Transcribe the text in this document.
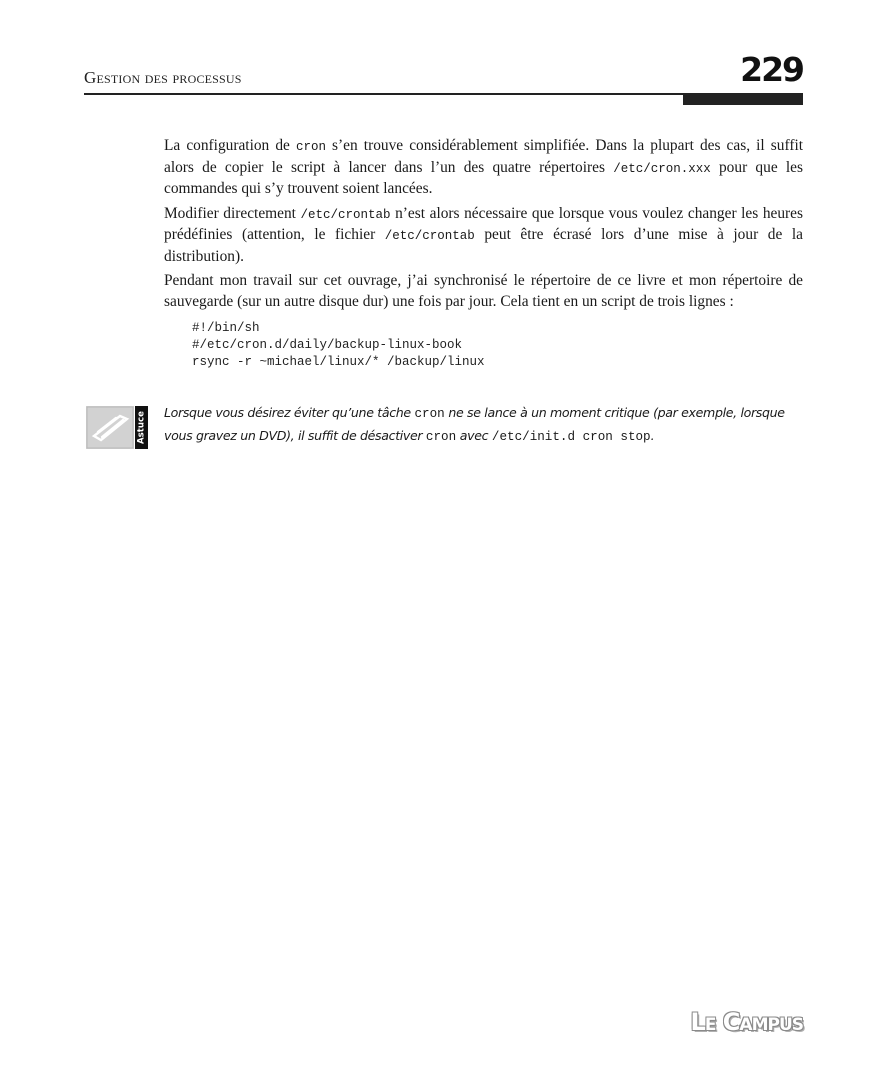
Gestion des processus	229

La configuration de cron s’en trouve considérablement simplifiée. Dans la plupart des cas, il suffit alors de copier le script à lancer dans l’un des quatre répertoires /etc/cron.xxx pour que les commandes qui s’y trouvent soient lancées.

Modifier directement /etc/crontab n’est alors nécessaire que lorsque vous voulez changer les heures prédéfinies (attention, le fichier /etc/crontab peut être écrasé lors d’une mise à jour de la distribution).

Pendant mon travail sur cet ouvrage, j’ai synchronisé le répertoire de ce livre et mon répertoire de sauvegarde (sur un autre disque dur) une fois par jour. Cela tient en un script de trois lignes :

#!/bin/sh
#/etc/cron.d/daily/backup-linux-book
rsync -r ~michael/linux/* /backup/linux
Astuce Lorsque vous désirez éviter qu’une tâche cron ne se lance à un moment critique (par exemple, lorsque vous gravez un DVD), il suffit de désactiver cron avec /etc/init.d cron stop.
Le Campus
